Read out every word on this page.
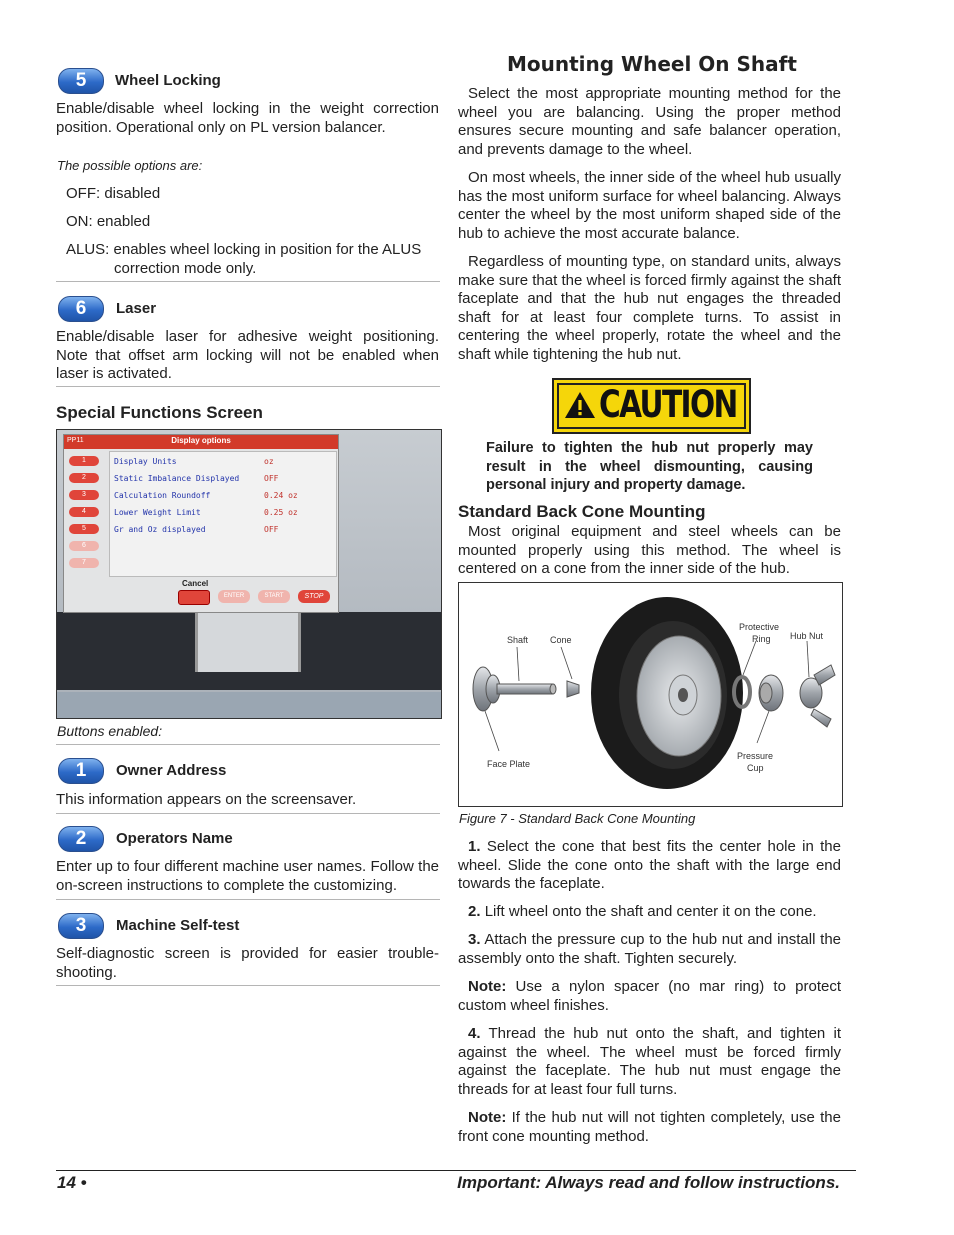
5	Wheel Locking
Enable/disable wheel locking in the weight correction position. Operational only on PL version balancer.
The possible options are:
OFF: disabled
ON: enabled
ALUS: enables wheel locking in position for the ALUS
correction mode only.
6	Laser
Enable/disable laser for adhesive weight positioning. Note that offset arm locking will not be enabled when laser is activated.
Special Functions Screen
PP11	Display options
1	Display Units	oz
2	Static Imbalance Displayed	OFF
3	Calculation Roundoff	0.24 oz
4	Lower Weight Limit	0.25 oz
5	Gr and Oz displayed	OFF
6
7
Cancel
ENTER	START	STOP
Buttons enabled:
1	Owner Address
This information appears on the screensaver.
2	Operators Name
Enter up to four different machine user names. Follow the on-screen instructions to complete the customizing.
3	Machine Self-test
Self-diagnostic screen is provided for easier trouble-shooting.
Mounting Wheel On Shaft
Select the most appropriate mounting method for the wheel you are balancing. Using the proper method ensures secure mounting and safe balancer operation, and prevents damage to the wheel.
On most wheels, the inner side of the wheel hub usually has the most uniform surface for wheel balancing. Always center the wheel by the most uniform shaped side of the hub to achieve the most accurate balance.
Regardless of mounting type, on standard units, always make sure that the wheel is forced firmly against the shaft faceplate and that the hub nut engages the threaded shaft for at least four complete turns. To assist in centering the wheel properly, rotate the wheel and the shaft while tightening the hub nut.
CAUTION
Failure to tighten the hub nut properly may result in the wheel dismounting, causing personal injury and property damage.
Standard Back Cone Mounting
Most original equipment and steel wheels can be mounted properly using this method. The wheel is centered on a cone from the inner side of the hub.
Shaft Cone
Protective
Ring Hub Nut
Face Plate
Pressure
Cup
Figure 7 - Standard Back Cone Mounting
1. Select the cone that best fits the center hole in the wheel. Slide the cone onto the shaft with the large end towards the faceplate.
2. Lift wheel onto the shaft and center it on the cone.
3. Attach the pressure cup to the hub nut and install the assembly onto the shaft. Tighten securely.
Note: Use a nylon spacer (no mar ring) to protect custom wheel finishes.
4. Thread the hub nut onto the shaft, and tighten it against the wheel. The wheel must be forced firmly against the faceplate. The hub nut must engage the threads for at least four full turns.
Note: If the hub nut will not tighten completely, use the front cone mounting method.
14 •	Important: Always read and follow instructions.
